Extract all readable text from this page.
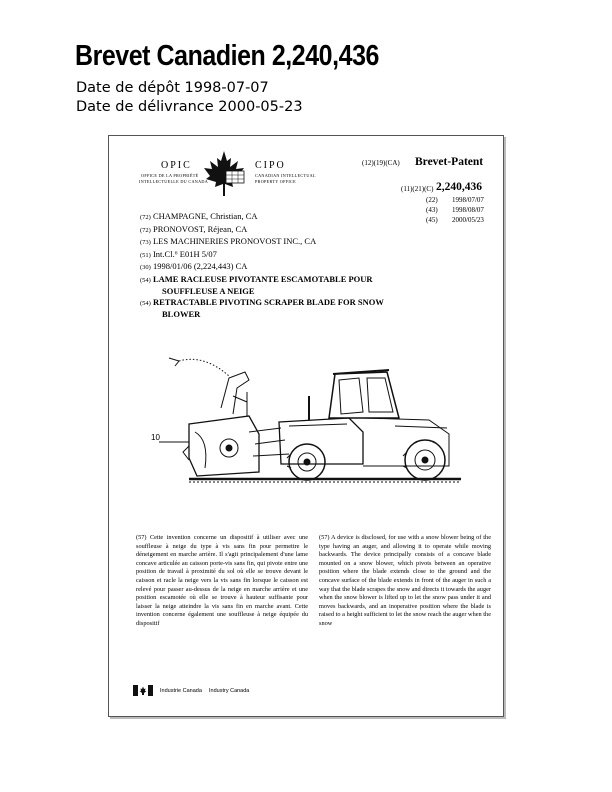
Brevet Canadien 2,240,436
Date de dépôt 1998-07-07
Date de délivrance 2000-05-23
OPIC
OFFICE DE LA PROPRIÉTÉ
INTELLECTUELLE DU CANADA
CIPO
CANADIAN INTELLECTUAL
PROPERTY OFFICE
(12)(19)(CA) Brevet-Patent
(11)(21)(C) 2,240,436
(22) 1998/07/07
(43) 1998/08/07
(45) 2000/05/23
(72) CHAMPAGNE, Christian, CA
(72) PRONOVOST, Réjean, CA
(73) LES MACHINERIES PRONOVOST INC., CA
(51) Int.Cl.⁶ E01H 5/07
(30) 1998/01/06 (2,224,443) CA
(54) LAME RACLEUSE PIVOTANTE ESCAMOTABLE POUR
SOUFFLEUSE A NEIGE
(54) RETRACTABLE PIVOTING SCRAPER BLADE FOR SNOW
BLOWER
10
(57) Cette invention concerne un dispositif à utiliser avec une souffleuse à neige du type à vis sans fin pour permettre le déneigement en marche arrière. Il s'agit principalement d'une lame concave articulée au caisson porte-vis sans fin, qui pivote entre une position de travail à proximité du sol où elle se trouve devant le caisson et racle la neige vers la vis sans fin lorsque le caisson est relevé pour passer au-dessus de la neige en marche arrière et une position escamotée où elle se trouve à hauteur suffisante pour laisser la neige atteindre la vis sans fin en marche avant. Cette invention concerne également une souffleuse à neige équipée du dispositif
(57) A device is disclosed, for use with a snow blower being of the type having an auger, and allowing it to operate while moving backwards. The device principally consists of a concave blade mounted on a snow blower, which pivots between an operative position where the blade extends close to the ground and the concave surface of the blade extends in front of the auger in such a way that the blade scrapes the snow and directs it towards the auger when the snow blower is lifted up to let the snow pass under it and moves backwards, and an inoperative position where the blade is raised to a height sufficient to let the snow reach the auger when the snow
Industrie Canada Industry Canada
